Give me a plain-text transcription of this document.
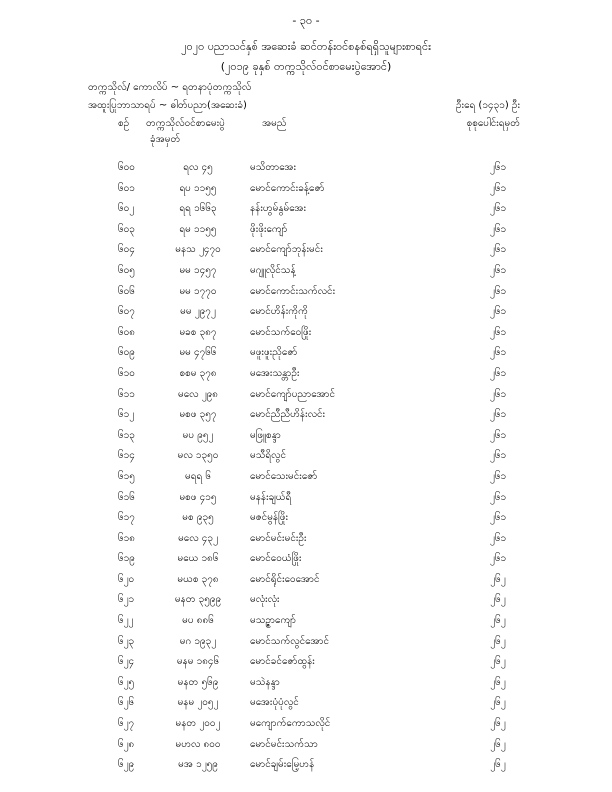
- ၃၀ -
၂၀၂၀ ပညာသင်နှစ် အဆေးခံ ဆင်တန်းဝင်စနစ်ရရှိသူများစာရင်း
(၂၀၁၉ ခုနှစ် တက္ကသိုလ်ဝင်စာမေးပွဲအောင်)
တက္ကသိုလ်/ ကောလိပ် ~ ရတနာပုံတက္ကသိုလ်
အထူးပြုဘာသာရပ် ~ ဓါတ်ပညာ(အဆေးခံ)	ဦးရေ (၁၄၃၁) ဦး
စဉ် တက္ကသိုလ်ဝင်စာမေးပွဲ	အမည်	စုစုပေါင်းရမှတ်
ခုံအမှတ်
၆၀၀	ရလ ၄၅	မသိတာအေး	၂၆၁
၆၀၁	ရပ ၁၁၅၅	မောင်ကောင်းခန့်ဇော်	၂၆၁
၆၀၂	ရရ ၁၆၆၃	နန်းဟွမ်နွမ်အေး	၂၆၁
၆၀၃	ရမ ၁၁၅၅	ဖိုးဖိုးကျော်	၂၆၁
၆၀၄	မနသ ၂၄၇၀	မောင်ကျော်ဘုန်းမင်း	၂၆၁
၆၀၅	မမ ၁၄၅၇	မဂျူလိုင်သန့်	၂၆၁
၆၀၆	မမ ၁၇၇၀	မောင်ကောင်းသက်လင်း	၂၆၁
၆၀၇	မမ ၂၉၇၂	မောင်ဟိန်းကိုကို	၂၆၁
၆၀၈	မခစ ၃၈၇	မောင်သက်ဝေဖြိုး	၂၆၁
၆၀၉	မမ ၄၇၆၆	မဖူးဖူးညိုဇော်	၂၆၁
၆၁၀	စစမ ၃၇၈	မအေးသန္တာဦး	၂၆၁
၆၁၁	မလေ ၂၉၈	မောင်ကျော်ပညာအောင်	၂၆၁
၆၁၂	မစဖ ၃၅၇	မောင်ညီညီဟိန်းလင်း	၂၆၁
၆၁၃	မပ ၉၅၂	မဖြူစန္ဒာ	၂၆၁
၆၁၄	မလ ၁၃၅၀	မသီရိလွင်	၂၆၁
၆၁၅	မရရ ၆	မောင်သေးမင်းဇော်	၂၆၁
၆၁၆	မစဖ ၄၁၅	မနန်းချယ်ရီ	၂၆၁
၆၁၇	မစ ၉၃၅	မဇင်မွန်ဖြိုး	၂၆၁
၆၁၈	မလေ ၄၃၂	မောင်မင်းမင်းဦး	၂၆၁
၆၁၉	မယေ ၁၈၆	မောင်ဝေယံဖြိုး	၂၆၁
၆၂၀	မယစ ၃၇၈	မောင်ရိုင်းဝေအောင်	၂၆၂
၆၂၁	မနတ ၃၅၉၉	မလုံးလုံး	၂၆၂
၆၂၂	မပ ၈၈၆	မသဥ္ဇာကျော်	၂၆၂
၆၂၃	မဂ ၁၉၃၂	မောင်သက်လွင်အောင်	၂၆၂
၆၂၄	မနမ ၁၈၄၆	မောင်ခင်ဇော်ထွန်း	၂၆၂
၆၂၅	မနတ ၅၆၉	မသဲနန္ဒာ	၂၆၂
၆၂၆	မနမ ၂၀၅၂	မအေးပုံပုံလွင်	၂၆၂
၆၂၇	မနတ ၂၀၀၂	မကျောက်ကောသလိုင်	၂၆၂
၆၂၈	မဟလ ၈၀၀	မောင်မင်းသက်သာ	၂၆၂
၆၂၉	မအ ၁၂၅၉	မောင်ချမ်းမြေ့ဟန်	၂၆၂
